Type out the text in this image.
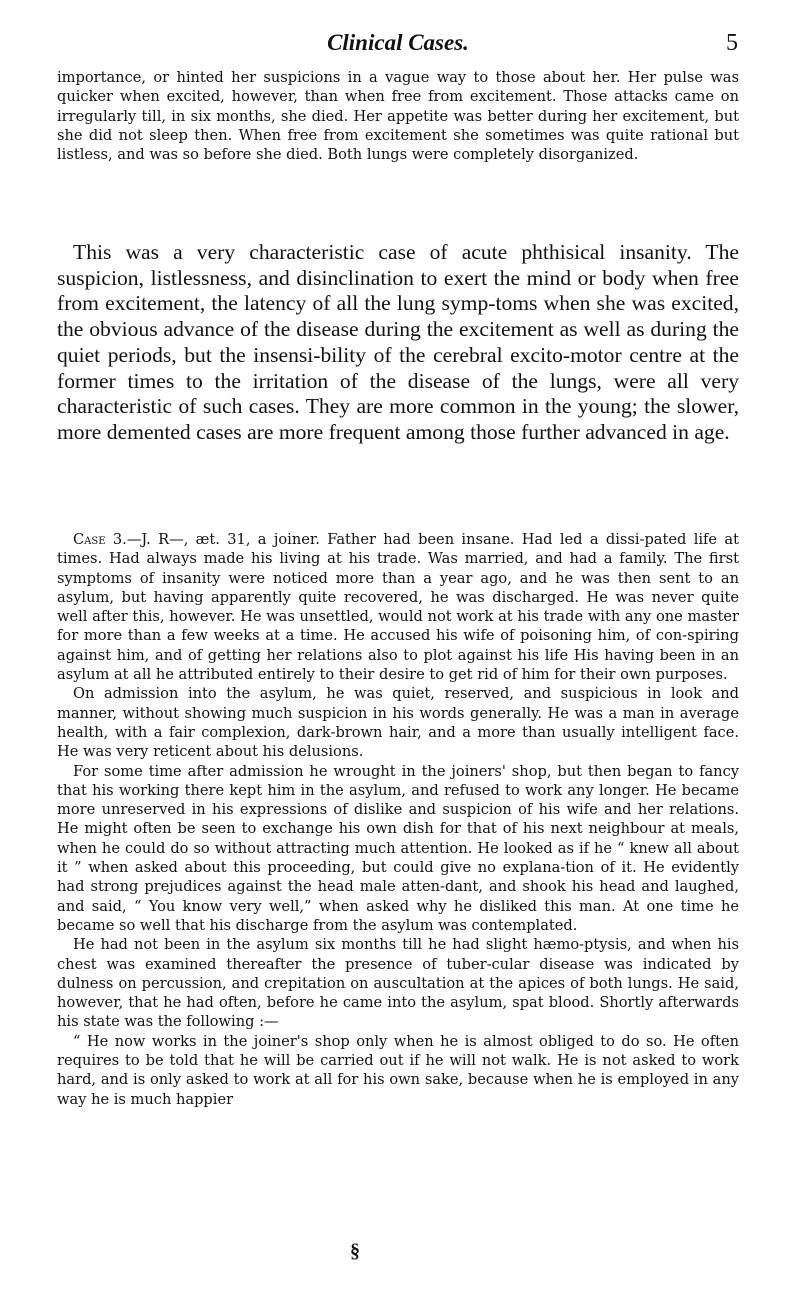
Clinical Cases.	5

importance, or hinted her suspicions in a vague way to those about her. Her pulse was quicker when excited, however, than when free from excitement. Those attacks came on irregularly till, in six months, she died. Her appetite was better during her excitement, but she did not sleep then. When free from excitement she sometimes was quite rational but listless, and was so before she died. Both lungs were completely disorganized.

This was a very characteristic case of acute phthisical insanity. The suspicion, listlessness, and disinclination to exert the mind or body when free from excitement, the latency of all the lung symp-toms when she was excited, the obvious advance of the disease during the excitement as well as during the quiet periods, but the insensi-bility of the cerebral excito-motor centre at the former times to the irritation of the disease of the lungs, were all very characteristic of such cases. They are more common in the young; the slower, more demented cases are more frequent among those further advanced in age.

Case 3.—J. R—, æt. 31, a joiner. Father had been insane. Had led a dissi-pated life at times. Had always made his living at his trade. Was married, and had a family. The first symptoms of insanity were noticed more than a year ago, and he was then sent to an asylum, but having apparently quite recovered, he was discharged. He was never quite well after this, however. He was unsettled, would not work at his trade with any one master for more than a few weeks at a time. He accused his wife of poisoning him, of con-spiring against him, and of getting her relations also to plot against his life His having been in an asylum at all he attributed entirely to their desire to get rid of him for their own purposes.

On admission into the asylum, he was quiet, reserved, and suspicious in look and manner, without showing much suspicion in his words generally. He was a man in average health, with a fair complexion, dark-brown hair, and a more than usually intelligent face. He was very reticent about his delusions.

For some time after admission he wrought in the joiners' shop, but then began to fancy that his working there kept him in the asylum, and refused to work any longer. He became more unreserved in his expressions of dislike and suspicion of his wife and her relations. He might often be seen to exchange his own dish for that of his next neighbour at meals, when he could do so without attracting much attention. He looked as if he “ knew all about it ” when asked about this proceeding, but could give no explana-tion of it. He evidently had strong prejudices against the head male atten-dant, and shook his head and laughed, and said, “ You know very well,” when asked why he disliked this man. At one time he became so well that his discharge from the asylum was contemplated.

He had not been in the asylum six months till he had slight hæmo-ptysis, and when his chest was examined thereafter the presence of tuber-cular disease was indicated by dulness on percussion, and crepitation on auscultation at the apices of both lungs. He said, however, that he had often, before he came into the asylum, spat blood. Shortly afterwards his state was the following :—

“ He now works in the joiner's shop only when he is almost obliged to do so. He often requires to be told that he will be carried out if he will not walk. He is not asked to work hard, and is only asked to work at all for his own sake, because when he is employed in any way he is much happier

§
